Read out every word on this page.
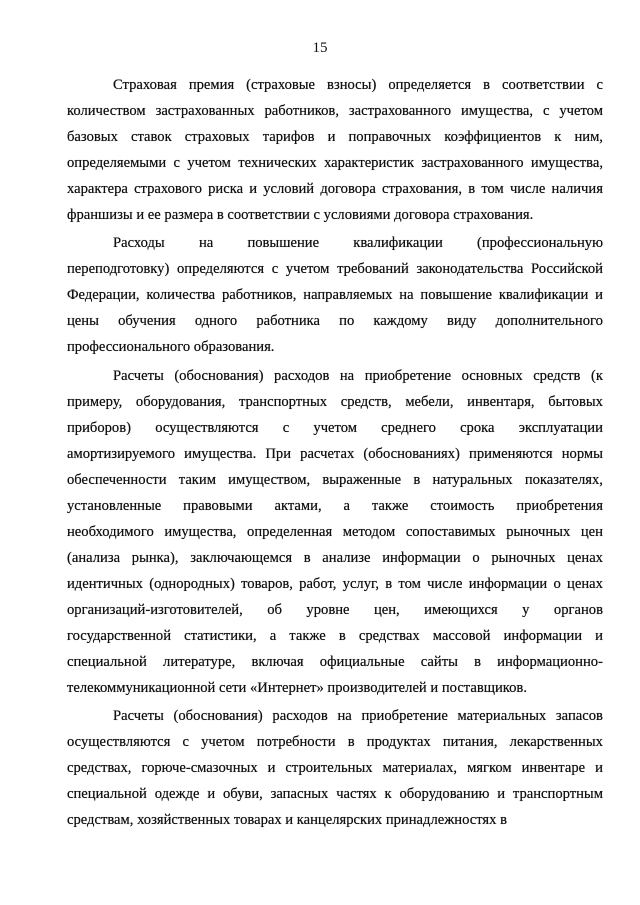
15
Страховая премия (страховые взносы) определяется в соответствии с
количеством застрахованных работников, застрахованного имущества, с учетом
базовых ставок страховых тарифов и поправочных коэффициентов к ним,
определяемыми с учетом технических характеристик застрахованного имущества,
характера страхового риска и условий договора страхования, в том числе наличия
франшизы и ее размера в соответствии с условиями договора страхования.
Расходы на повышение квалификации (профессиональную
переподготовку) определяются с учетом требований законодательства Российской
Федерации, количества работников, направляемых на повышение квалификации и
цены обучения одного работника по каждому виду дополнительного
профессионального образования.
Расчеты (обоснования) расходов на приобретение основных средств (к
примеру, оборудования, транспортных средств, мебели, инвентаря, бытовых
приборов) осуществляются с учетом среднего срока эксплуатации
амортизируемого имущества. При расчетах (обоснованиях) применяются нормы
обеспеченности таким имуществом, выраженные в натуральных показателях,
установленные правовыми актами, а также стоимость приобретения
необходимого имущества, определенная методом сопоставимых рыночных цен
(анализа рынка), заключающемся в анализе информации о рыночных ценах
идентичных (однородных) товаров, работ, услуг, в том числе информации о ценах
организаций-изготовителей, об уровне цен, имеющихся у органов
государственной статистики, а также в средствах массовой информации и
специальной литературе, включая официальные сайты в информационно-
телекоммуникационной сети «Интернет» производителей и поставщиков.
Расчеты (обоснования) расходов на приобретение материальных запасов
осуществляются с учетом потребности в продуктах питания, лекарственных
средствах, горюче-смазочных и строительных материалах, мягком инвентаре и
специальной одежде и обуви, запасных частях к оборудованию и транспортным
средствам, хозяйственных товарах и канцелярских принадлежностях в
